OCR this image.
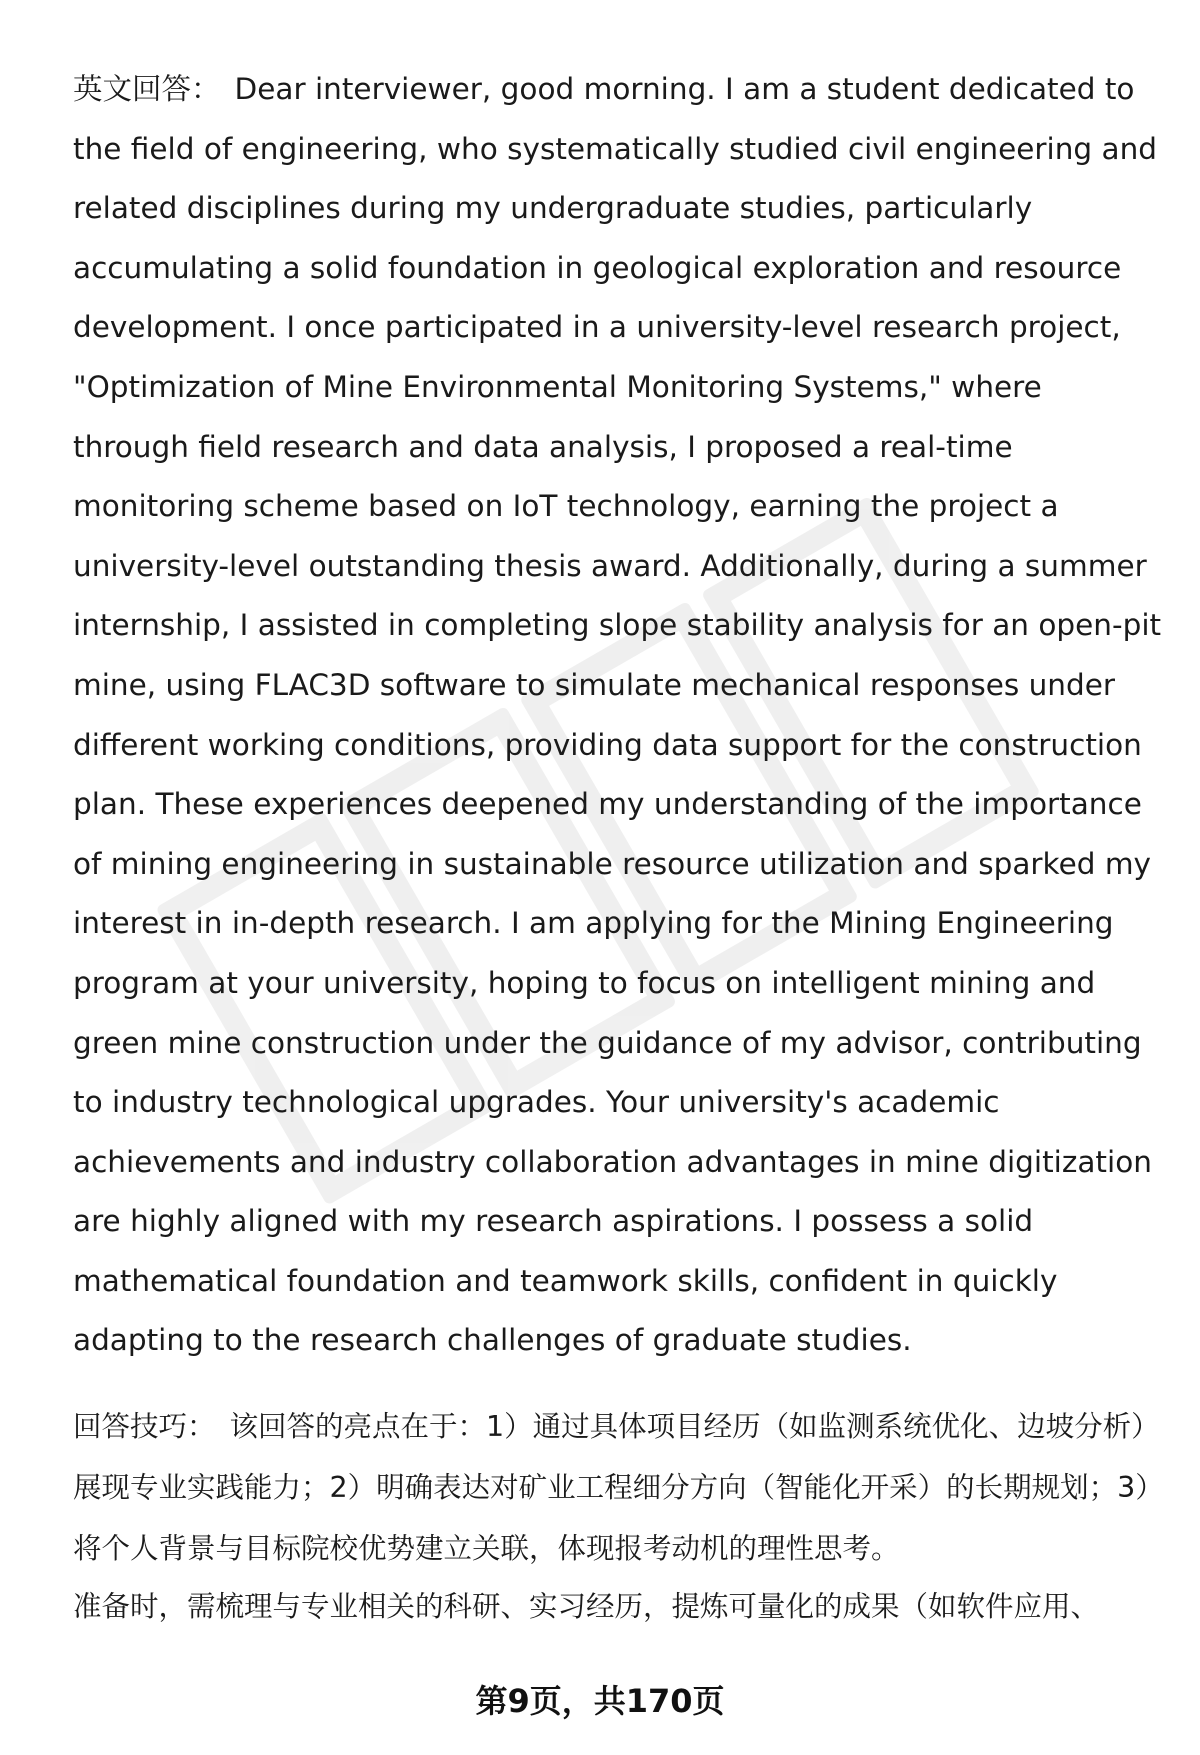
英文回答： Dear interviewer, good morning. I am a student dedicated to the field of engineering, who systematically studied civil engineering and related disciplines during my undergraduate studies, particularly accumulating a solid foundation in geological exploration and resource development. I once participated in a university-level research project, "Optimization of Mine Environmental Monitoring Systems," where through field research and data analysis, I proposed a real-time monitoring scheme based on IoT technology, earning the project a university-level outstanding thesis award. Additionally, during a summer internship, I assisted in completing slope stability analysis for an open-pit mine, using FLAC3D software to simulate mechanical responses under different working conditions, providing data support for the construction plan. These experiences deepened my understanding of the importance of mining engineering in sustainable resource utilization and sparked my interest in in-depth research. I am applying for the Mining Engineering program at your university, hoping to focus on intelligent mining and green mine construction under the guidance of my advisor, contributing to industry technological upgrades. Your university's academic achievements and industry collaboration advantages in mine digitization are highly aligned with my research aspirations. I possess a solid mathematical foundation and teamwork skills, confident in quickly adapting to the research challenges of graduate studies.

回答技巧： 该回答的亮点在于：1）通过具体项目经历（如监测系统优化、边坡分析）展现专业实践能力；2）明确表达对矿业工程细分方向（智能化开采）的长期规划；3）将个人背景与目标院校优势建立关联，体现报考动机的理性思考。

准备时，需梳理与专业相关的科研、实习经历，提炼可量化的成果（如软件应用、

第9页，共170页
